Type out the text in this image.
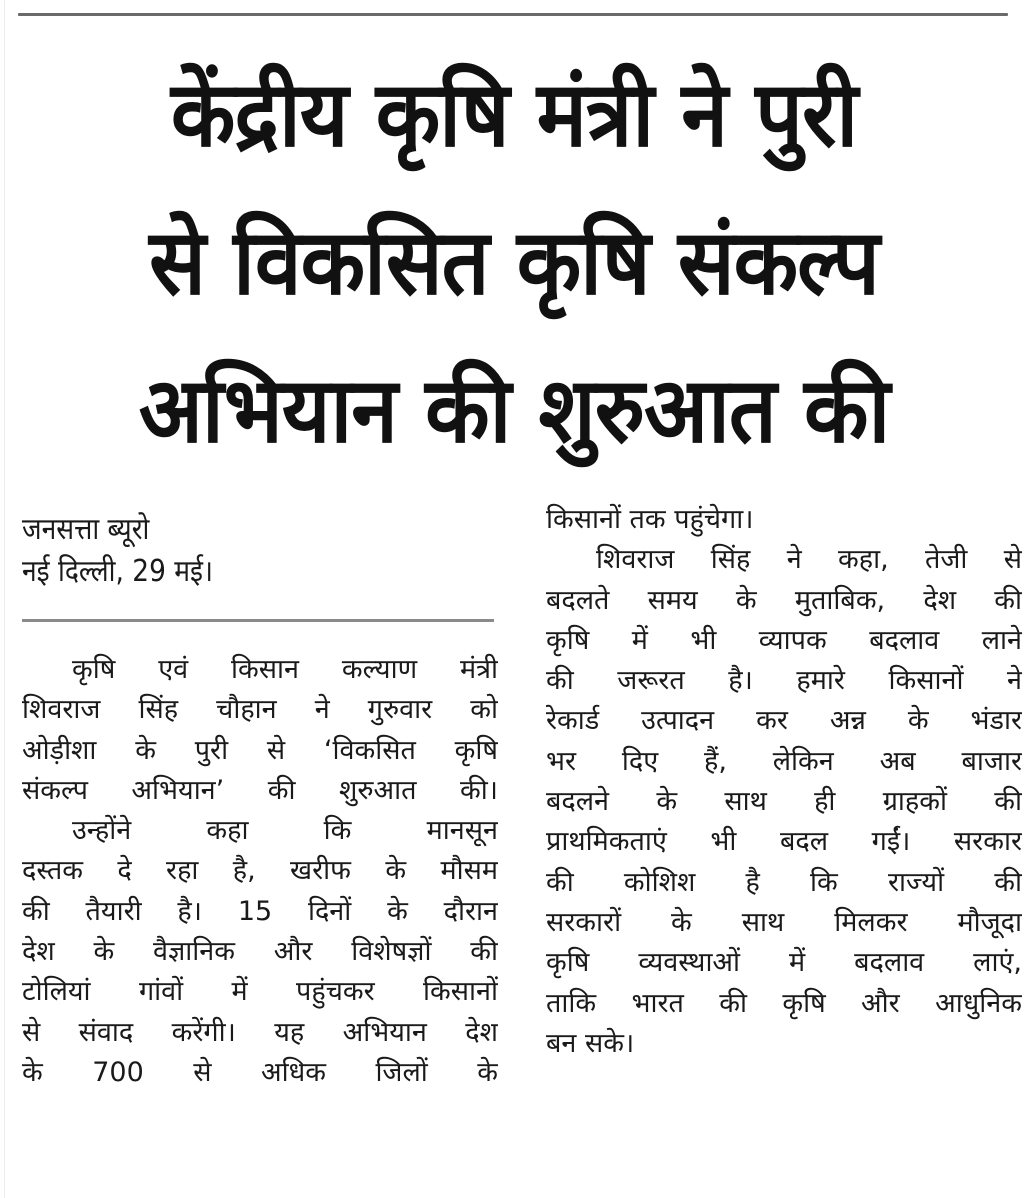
केंद्रीय कृषि मंत्री ने पुरी
से विकसित कृषि संकल्प
अभियान की शुरुआत की
जनसत्ता ब्यूरो
नई दिल्ली, 29 मई।
कृषि एवं किसान कल्याण मंत्री
शिवराज सिंह चौहान ने गुरुवार को
ओड़ीशा के पुरी से ‘विकसित कृषि
संकल्प अभियान’ की शुरुआत की।
उन्होंने कहा कि मानसून
दस्तक दे रहा है, खरीफ के मौसम
की तैयारी है। 15 दिनों के दौरान
देश के वैज्ञानिक और विशेषज्ञों की
टोलियां गांवों में पहुंचकर किसानों
से संवाद करेंगी। यह अभियान देश
के 700 से अधिक जिलों के
किसानों तक पहुंचेगा।
शिवराज सिंह ने कहा, तेजी से
बदलते समय के मुताबिक, देश की
कृषि में भी व्यापक बदलाव लाने
की जरूरत है। हमारे किसानों ने
रेकार्ड उत्पादन कर अन्न के भंडार
भर दिए हैं, लेकिन अब बाजार
बदलने के साथ ही ग्राहकों की
प्राथमिकताएं भी बदल गईं। सरकार
की कोशिश है कि राज्यों की
सरकारों के साथ मिलकर मौजूदा
कृषि व्यवस्थाओं में बदलाव लाएं,
ताकि भारत की कृषि और आधुनिक
बन सके।
